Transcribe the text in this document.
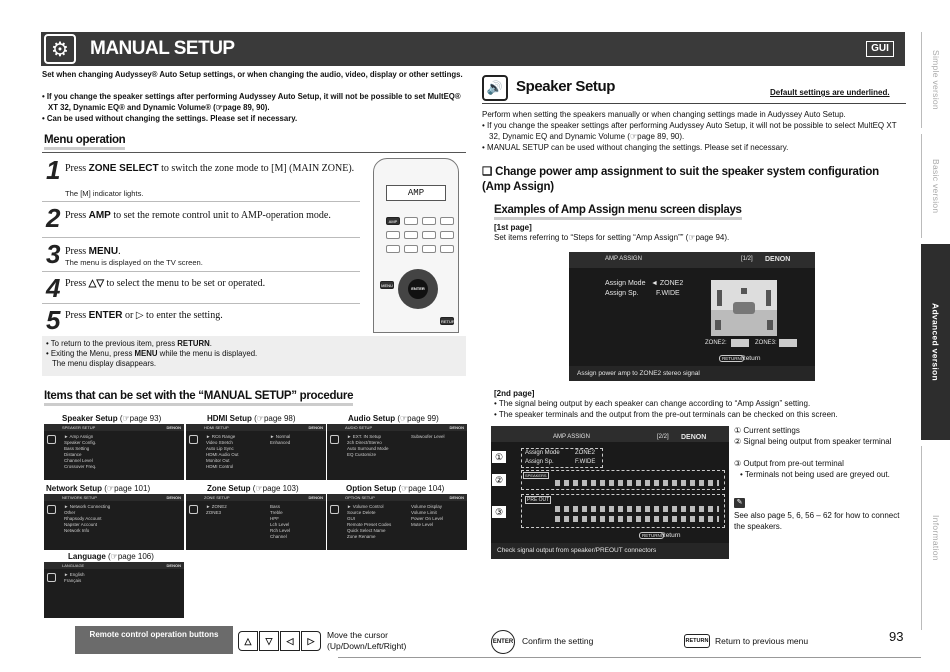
⚙	MANUAL SETUP	GUI
Simple version
Basic version
Advanced version
Information
Set when changing Audyssey® Auto Setup settings, or when changing the audio, video, display or other settings.
• If you change the speaker settings after performing Audyssey Auto Setup, it will not be possible to set MultEQ® XT 32, Dynamic EQ® and Dynamic Volume® (☞page 89, 90).
• Can be used without changing the settings. Please set if necessary.
Menu operation
1 Press ZONE SELECT to switch the zone mode to [M] (MAIN ZONE).
The [M] indicator lights.
2 Press AMP to set the remote control unit to AMP-operation mode.
3 Press MENU.
The menu is displayed on the TV screen.
4 Press △▽ to select the menu to be set or operated.
5 Press ENTER or ▷ to enter the setting.
• To return to the previous item, press RETURN.
• Exiting the Menu, press MENU while the menu is displayed.
The menu display disappears.
AMP
AMP
MENU
ENTER
RETURN
Items that can be set with the “MANUAL SETUP” procedure
Speaker Setup (☞page 93)
SPEAKER SETUP	DENON
► Amp Assign
Speaker Config.
Bass Setting
Distance
Channel Level
Crossover Freq.
HDMI Setup (☞page 98)
HDMI SETUP	DENON
► RC6 Range
Video Stretch
Auto Lip Sync
HDMI Audio Out
Monitor Out
HDMI Control
► Normal
Enhanced
Audio Setup (☞page 99)
AUDIO SETUP	DENON
► EXT. IN Setup
2ch Direct/Stereo
Auto Surround Mode
EQ Customize
Subwoofer Level
Network Setup (☞page 101)
NETWORK SETUP	DENON
► Network Connecting
Other
Rhapsody Account
Napster Account
Network Info
Zone Setup (☞page 103)
ZONE SETUP	DENON
► ZONE2
ZONE3
Bass
Treble
HPF
Lch Level
Rch Level
Channel
Option Setup (☞page 104)
OPTION SETUP	DENON
► Volume Control
Source Delete
GUI
Remote Preset Codes
Quick Select Name
Zone Rename
Volume Display
Volume Limit
Power On Level
Mute Level
Language (☞page 106)
LANGUAGE	DENON
► English
Français
🔊 Speaker Setup	Default settings are underlined.
Perform when setting the speakers manually or when changing settings made in Audyssey Auto Setup.
• If you change the speaker settings after performing Audyssey Auto Setup, it will not be possible to select MultEQ XT 32, Dynamic EQ and Dynamic Volume (☞page 89, 90).
• MANUAL SETUP can be used without changing the settings. Please set if necessary.
❑ Change power amp assignment to suit the speaker system configuration (Amp Assign)
Examples of Amp Assign menu screen displays
[1st page]
Set items referring to “Steps for setting “Amp Assign”” (☞page 94).
AMP ASSIGN	[1/2] DENON
Assign Mode ◄ ZONE2
Assign Sp.	F.WIDE
ZONE2:	ZONE3:
RETURN Return
Assign power amp to ZONE2 stereo signal
[2nd page]
• The signal being output by each speaker can change according to “Amp Assign” setting.
• The speaker terminals and the output from the pre-out terminals can be checked on this screen.
AMP ASSIGN	[2/2] DENON
Assign Mode	ZONE2
Assign Sp.	F.WIDE
SPEAKERS
PRE OUT
RETURN Return
Check signal output from speaker/PREOUT connectors
①
②
③
① Current settings
② Signal being output from speaker terminal
③ Output from pre-out terminal
• Terminals not being used are greyed out.
✎
See also page 5, 6, 56 – 62 for how to connect the speakers.
Remote control operation buttons
△	▽	◁	▷
Move the cursor (Up/Down/Left/Right)	ENTER Confirm the setting	RETURN Return to previous menu	93
